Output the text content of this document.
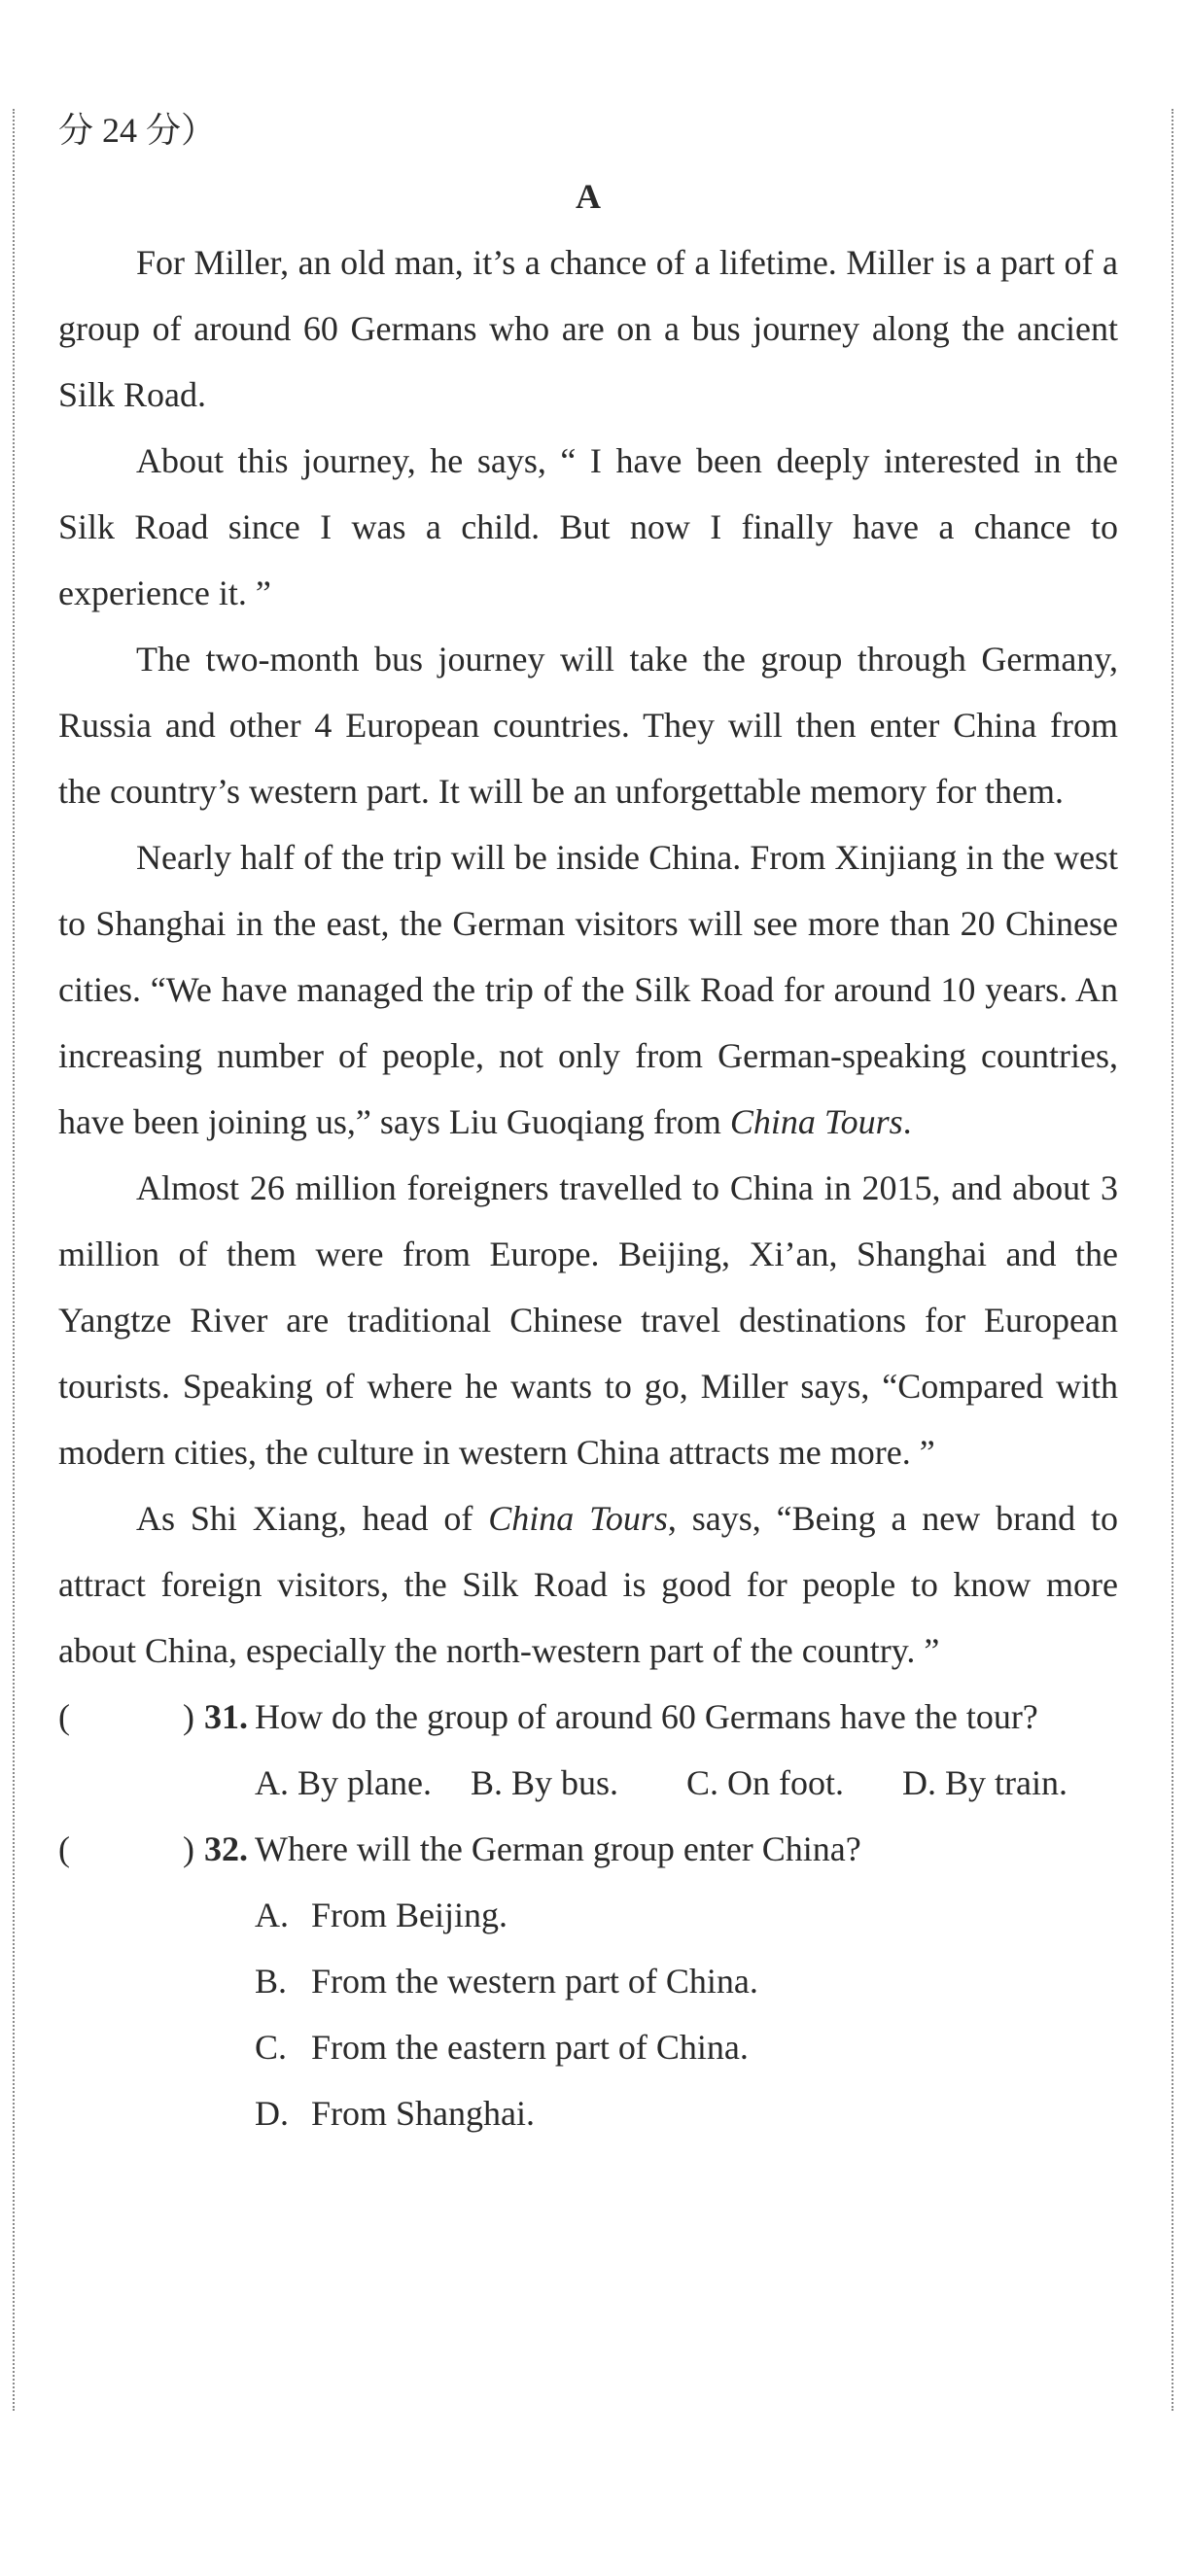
分 24 分）
A

For Miller, an old man, it’s a chance of a lifetime. Miller is a part of a group of around 60 Germans who are on a bus journey along the ancient Silk Road.

About this journey, he says, “ I have been deeply interested in the Silk Road since I was a child. But now I finally have a chance to experience it. ”

The two-month bus journey will take the group through Germany, Russia and other 4 European countries. They will then enter China from the country’s western part. It will be an unforgettable memory for them.

Nearly half of the trip will be inside China. From Xinjiang in the west to Shanghai in the east, the German visitors will see more than 20 Chinese cities. “We have managed the trip of the Silk Road for around 10 years. An increasing number of people, not only from German-speaking countries, have been joining us,” says Liu Guoqiang from China Tours.

Almost 26 million foreigners travelled to China in 2015, and about 3 million of them were from Europe. Beijing, Xi’an, Shanghai and the Yangtze River are traditional Chinese travel destinations for European tourists. Speaking of where he wants to go, Miller says, “Compared with modern cities, the culture in western China attracts me more. ”

As Shi Xiang, head of China Tours, says, “Being a new brand to attract foreign visitors, the Silk Road is good for people to know more about China, especially the north-western part of the country. ”

(	) 31. How do the group of around 60 Germans have the tour?
A. By plane.	B. By bus.	C. On foot.	D. By train.
(	) 32. Where will the German group enter China?
A. From Beijing.
B. From the western part of China.
C. From the eastern part of China.
D. From Shanghai.
